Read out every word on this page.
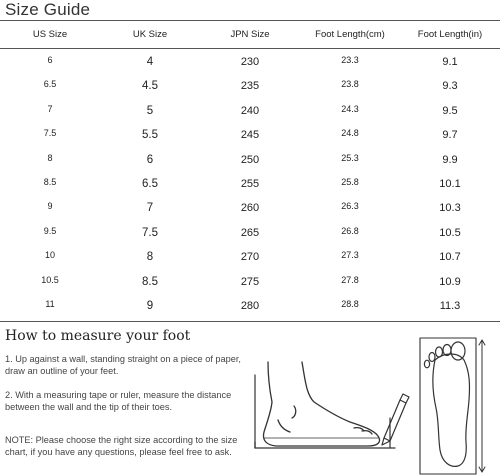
Size Guide
US Size	UK Size	JPN Size	Foot Length(cm)	Foot Length(in)
6	4	230	23.3	9.1
6.5	4.5	235	23.8	9.3
7	5	240	24.3	9.5
7.5	5.5	245	24.8	9.7
8	6	250	25.3	9.9
8.5	6.5	255	25.8	10.1
9	7	260	26.3	10.3
9.5	7.5	265	26.8	10.5
10	8	270	27.3	10.7
10.5	8.5	275	27.8	10.9
11	9	280	28.8	11.3
How to measure your foot
1. Up against a wall, standing straight on a piece of paper, draw an outline of your feet.
2. With a measuring tape or ruler, measure the distance between the wall and the tip of their toes.
NOTE: Please choose the right size according to the size chart, if you have any questions, please feel free to ask.
